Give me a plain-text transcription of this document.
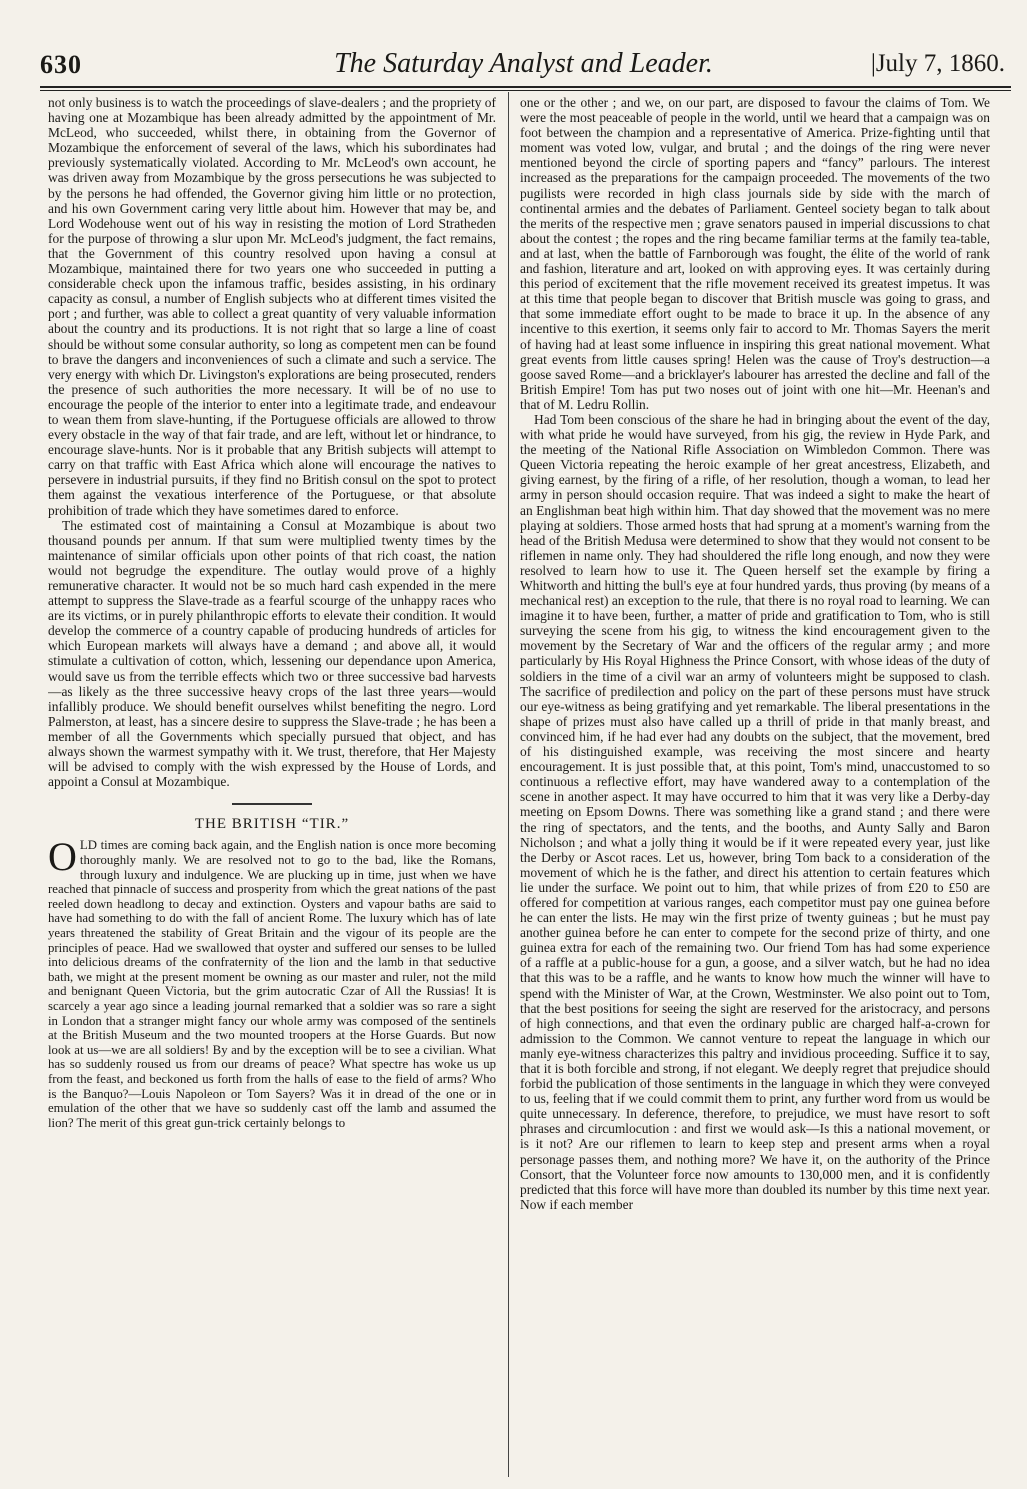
630	The Saturday Analyst and Leader.	|July 7, 1860.

not only business is to watch the proceedings of slave-dealers ; and the propriety of having one at Mozambique has been already admitted by the appointment of Mr. McLeod, who succeeded, whilst there, in obtaining from the Governor of Mozambique the enforcement of several of the laws, which his subordinates had previously systematically violated. According to Mr. McLeod's own account, he was driven away from Mozambique by the gross persecutions he was subjected to by the persons he had offended, the Governor giving him little or no protection, and his own Government caring very little about him. However that may be, and Lord Wodehouse went out of his way in resisting the motion of Lord Stratheden for the purpose of throwing a slur upon Mr. McLeod's judgment, the fact remains, that the Government of this country resolved upon having a consul at Mozambique, maintained there for two years one who succeeded in putting a considerable check upon the infamous traffic, besides assisting, in his ordinary capacity as consul, a number of English subjects who at different times visited the port ; and further, was able to collect a great quantity of very valuable information about the country and its productions. It is not right that so large a line of coast should be without some consular authority, so long as competent men can be found to brave the dangers and inconveniences of such a climate and such a service. The very energy with which Dr. Livingston's explorations are being prosecuted, renders the presence of such authorities the more necessary. It will be of no use to encourage the people of the interior to enter into a legitimate trade, and endeavour to wean them from slave-hunting, if the Portuguese officials are allowed to throw every obstacle in the way of that fair trade, and are left, without let or hindrance, to encourage slave-hunts. Nor is it probable that any British subjects will attempt to carry on that traffic with East Africa which alone will encourage the natives to persevere in industrial pursuits, if they find no British consul on the spot to protect them against the vexatious interference of the Portuguese, or that absolute prohibition of trade which they have sometimes dared to enforce.

The estimated cost of maintaining a Consul at Mozambique is about two thousand pounds per annum. If that sum were multiplied twenty times by the maintenance of similar officials upon other points of that rich coast, the nation would not begrudge the expenditure. The outlay would prove of a highly remunerative character. It would not be so much hard cash expended in the mere attempt to suppress the Slave-trade as a fearful scourge of the unhappy races who are its victims, or in purely philanthropic efforts to elevate their condition. It would develop the commerce of a country capable of producing hundreds of articles for which European markets will always have a demand ; and above all, it would stimulate a cultivation of cotton, which, lessening our dependance upon America, would save us from the terrible effects which two or three successive bad harvests—as likely as the three successive heavy crops of the last three years—would infallibly produce. We should benefit ourselves whilst benefiting the negro. Lord Palmerston, at least, has a sincere desire to suppress the Slave-trade ; he has been a member of all the Governments which specially pursued that object, and has always shown the warmest sympathy with it. We trust, therefore, that Her Majesty will be advised to comply with the wish expressed by the House of Lords, and appoint a Consul at Mozambique.

THE BRITISH “TIR.”
O LD times are coming back again, and the English nation is once more becoming thoroughly manly. We are resolved not to go to the bad, like the Romans, through luxury and indulgence. We are plucking up in time, just when we have reached that pinnacle of success and prosperity from which the great nations of the past reeled down headlong to decay and extinction. Oysters and vapour baths are said to have had something to do with the fall of ancient Rome. The luxury which has of late years threatened the stability of Great Britain and the vigour of its people are the principles of peace. Had we swallowed that oyster and suffered our senses to be lulled into delicious dreams of the confraternity of the lion and the lamb in that seductive bath, we might at the present moment be owning as our master and ruler, not the mild and benignant Queen Victoria, but the grim autocratic Czar of All the Russias! It is scarcely a year ago since a leading journal remarked that a soldier was so rare a sight in London that a stranger might fancy our whole army was composed of the sentinels at the British Museum and the two mounted troopers at the Horse Guards. But now look at us—we are all soldiers! By and by the exception will be to see a civilian. What has so suddenly roused us from our dreams of peace? What spectre has woke us up from the feast, and beckoned us forth from the halls of ease to the field of arms? Who is the Banquo?—Louis Napoleon or Tom Sayers? Was it in dread of the one or in emulation of the other that we have so suddenly cast off the lamb and assumed the lion? The merit of this great gun-trick certainly belongs to

one or the other ; and we, on our part, are disposed to favour the claims of Tom. We were the most peaceable of people in the world, until we heard that a campaign was on foot between the champion and a representative of America. Prize-fighting until that moment was voted low, vulgar, and brutal ; and the doings of the ring were never mentioned beyond the circle of sporting papers and “fancy” parlours. The interest increased as the preparations for the campaign proceeded. The movements of the two pugilists were recorded in high class journals side by side with the march of continental armies and the debates of Parliament. Genteel society began to talk about the merits of the respective men ; grave senators paused in imperial discussions to chat about the contest ; the ropes and the ring became familiar terms at the family tea-table, and at last, when the battle of Farnborough was fought, the élite of the world of rank and fashion, literature and art, looked on with approving eyes. It was certainly during this period of excitement that the rifle movement received its greatest impetus. It was at this time that people began to discover that British muscle was going to grass, and that some immediate effort ought to be made to brace it up. In the absence of any incentive to this exertion, it seems only fair to accord to Mr. Thomas Sayers the merit of having had at least some influence in inspiring this great national movement. What great events from little causes spring! Helen was the cause of Troy's destruction—a goose saved Rome—and a bricklayer's labourer has arrested the decline and fall of the British Empire! Tom has put two noses out of joint with one hit—Mr. Heenan's and that of M. Ledru Rollin.

Had Tom been conscious of the share he had in bringing about the event of the day, with what pride he would have surveyed, from his gig, the review in Hyde Park, and the meeting of the National Rifle Association on Wimbledon Common. There was Queen Victoria repeating the heroic example of her great ancestress, Elizabeth, and giving earnest, by the firing of a rifle, of her resolution, though a woman, to lead her army in person should occasion require. That was indeed a sight to make the heart of an Englishman beat high within him. That day showed that the movement was no mere playing at soldiers. Those armed hosts that had sprung at a moment's warning from the head of the British Medusa were determined to show that they would not consent to be riflemen in name only. They had shouldered the rifle long enough, and now they were resolved to learn how to use it. The Queen herself set the example by firing a Whitworth and hitting the bull's eye at four hundred yards, thus proving (by means of a mechanical rest) an exception to the rule, that there is no royal road to learning. We can imagine it to have been, further, a matter of pride and gratification to Tom, who is still surveying the scene from his gig, to witness the kind encouragement given to the movement by the Secretary of War and the officers of the regular army ; and more particularly by His Royal Highness the Prince Consort, with whose ideas of the duty of soldiers in the time of a civil war an army of volunteers might be supposed to clash. The sacrifice of predilection and policy on the part of these persons must have struck our eye-witness as being gratifying and yet remarkable. The liberal presentations in the shape of prizes must also have called up a thrill of pride in that manly breast, and convinced him, if he had ever had any doubts on the subject, that the movement, bred of his distinguished example, was receiving the most sincere and hearty encouragement. It is just possible that, at this point, Tom's mind, unaccustomed to so continuous a reflective effort, may have wandered away to a contemplation of the scene in another aspect. It may have occurred to him that it was very like a Derby-day meeting on Epsom Downs. There was something like a grand stand ; and there were the ring of spectators, and the tents, and the booths, and Aunty Sally and Baron Nicholson ; and what a jolly thing it would be if it were repeated every year, just like the Derby or Ascot races. Let us, however, bring Tom back to a consideration of the movement of which he is the father, and direct his attention to certain features which lie under the surface. We point out to him, that while prizes of from £20 to £50 are offered for competition at various ranges, each competitor must pay one guinea before he can enter the lists. He may win the first prize of twenty guineas ; but he must pay another guinea before he can enter to compete for the second prize of thirty, and one guinea extra for each of the remaining two. Our friend Tom has had some experience of a raffle at a public-house for a gun, a goose, and a silver watch, but he had no idea that this was to be a raffle, and he wants to know how much the winner will have to spend with the Minister of War, at the Crown, Westminster. We also point out to Tom, that the best positions for seeing the sight are reserved for the aristocracy, and persons of high connections, and that even the ordinary public are charged half-a-crown for admission to the Common. We cannot venture to repeat the language in which our manly eye-witness characterizes this paltry and invidious proceeding. Suffice it to say, that it is both forcible and strong, if not elegant. We deeply regret that prejudice should forbid the publication of those sentiments in the language in which they were conveyed to us, feeling that if we could commit them to print, any further word from us would be quite unnecessary. In deference, therefore, to prejudice, we must have resort to soft phrases and circumlocution : and first we would ask—Is this a national movement, or is it not? Are our riflemen to learn to keep step and present arms when a royal personage passes them, and nothing more? We have it, on the authority of the Prince Consort, that the Volunteer force now amounts to 130,000 men, and it is confidently predicted that this force will have more than doubled its number by this time next year. Now if each member
